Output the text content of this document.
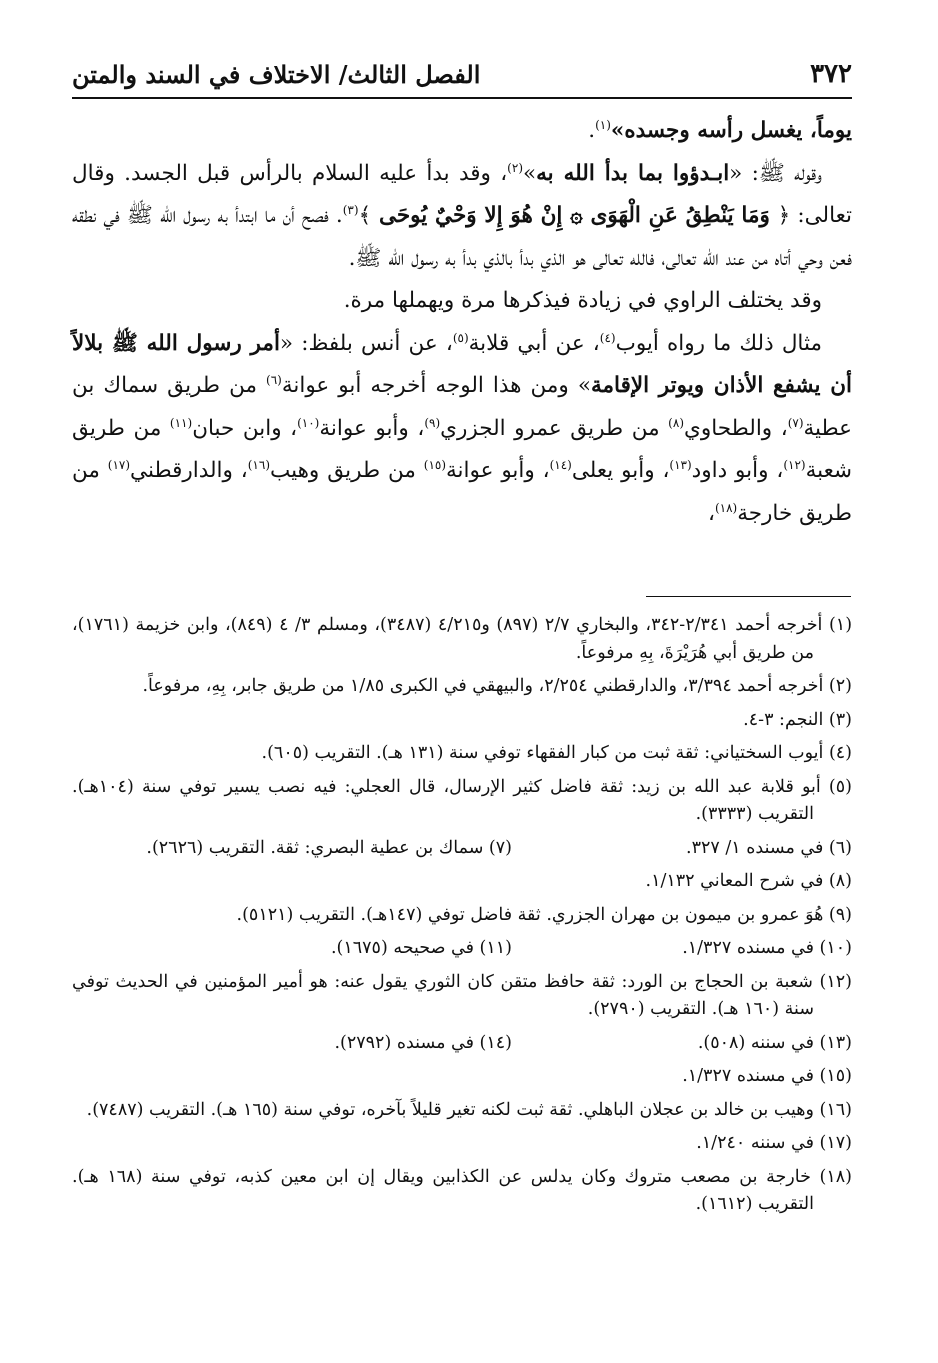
٣٧٢
الفصل الثالث/ الاختلاف في السند والمتن

يوماً، يغسل رأسه وجسده»$^{(١)}$.

وقوله ﷺ: «ابـدؤوا بما بدأ الله به»$^{(٢)}$، وقد بدأ عليه السلام بالرأس قبل الجسد. وقال تعالى: ﴿ وَمَا يَنْطِقُ عَنِ الْهَوَى ۞ إِنْ هُوَ إِلا وَحْيٌ يُوحَى ﴾$^{(٣)}$. فصح أن ما ابتدأ به رسول الله ﷺ في نطقه فعن وحي أتاه من عند الله تعالى، فالله تعالى هو الذي بدأ بالذي بدأ به رسول الله ﷺ.

وقد يختلف الراوي في زيادة فيذكرها مرة ويهملها مرة.

مثال ذلك ما رواه أيوب$^{(٤)}$، عن أبي قلابة$^{(٥)}$، عن أنس بلفظ: «أمر رسول الله ﷺ بلالاً أن يشفع الأذان ويوتر الإقامة» ومن هذا الوجه أخرجه أبو عوانة$^{(٦)}$ من طريق سماك بن عطية$^{(٧)}$، والطحاوي$^{(٨)}$ من طريق عمرو الجزري$^{(٩)}$، وأبو عوانة$^{(١٠)}$، وابن حبان$^{(١١)}$ من طريق شعبة$^{(١٢)}$، وأبو داود$^{(١٣)}$، وأبو يعلى$^{(١٤)}$، وأبو عوانة$^{(١٥)}$ من طريق وهيب$^{(١٦)}$، والدارقطني$^{(١٧)}$ من طريق خارجة$^{(١٨)}$،

(١) أخرجه أحمد ٢/٣٤١-٣٤٢، والبخاري ٢/٧ (٨٩٧) و٤/٢١٥ (٣٤٨٧)، ومسلم ٣/ ٤ (٨٤٩)، وابن خزيمة (١٧٦١)، من طريق أبي هُرَيْرَةَ، بِهِ مرفوعاً.

(٢) أخرجه أحمد ٣/٣٩٤، والدارقطني ٢/٢٥٤، والبيهقي في الكبرى ١/٨٥ من طريق جابر، بِهِ، مرفوعاً.

(٣) النجم: ٣-٤.

(٤) أيوب السختياني: ثقة ثبت من كبار الفقهاء توفي سنة (١٣١ هـ). التقريب (٦٠٥).

(٥) أبو قلابة عبد الله بن زيد: ثقة فاضل كثير الإرسال، قال العجلي: فيه نصب يسير توفي سنة (١٠٤هـ). التقريب (٣٣٣٣).

(٦) في مسنده ١/ ٣٢٧.
(٧) سماك بن عطية البصري: ثقة. التقريب (٢٦٢٦).

(٨) في شرح المعاني ١/١٣٢.

(٩) هُوَ عمرو بن ميمون بن مهران الجزري. ثقة فاضل توفي (١٤٧هـ). التقريب (٥١٢١).

(١٠) في مسنده ١/٣٢٧.
(١١) في صحيحه (١٦٧٥).

(١٢) شعبة بن الحجاج بن الورد: ثقة حافظ متقن كان الثوري يقول عنه: هو أمير المؤمنين في الحديث توفي سنة (١٦٠ هـ). التقريب (٢٧٩٠).

(١٣) في سننه (٥٠٨).
(١٤) في مسنده (٢٧٩٢).

(١٥) في مسنده ١/٣٢٧.

(١٦) وهيب بن خالد بن عجلان الباهلي. ثقة ثبت لكنه تغير قليلاً بآخره، توفي سنة (١٦٥ هـ). التقريب (٧٤٨٧).

(١٧) في سننه ١/٢٤٠.

(١٨) خارجة بن مصعب متروك وكان يدلس عن الكذابين ويقال إن ابن معين كذبه، توفي سنة (١٦٨ هـ). التقريب (١٦١٢).
